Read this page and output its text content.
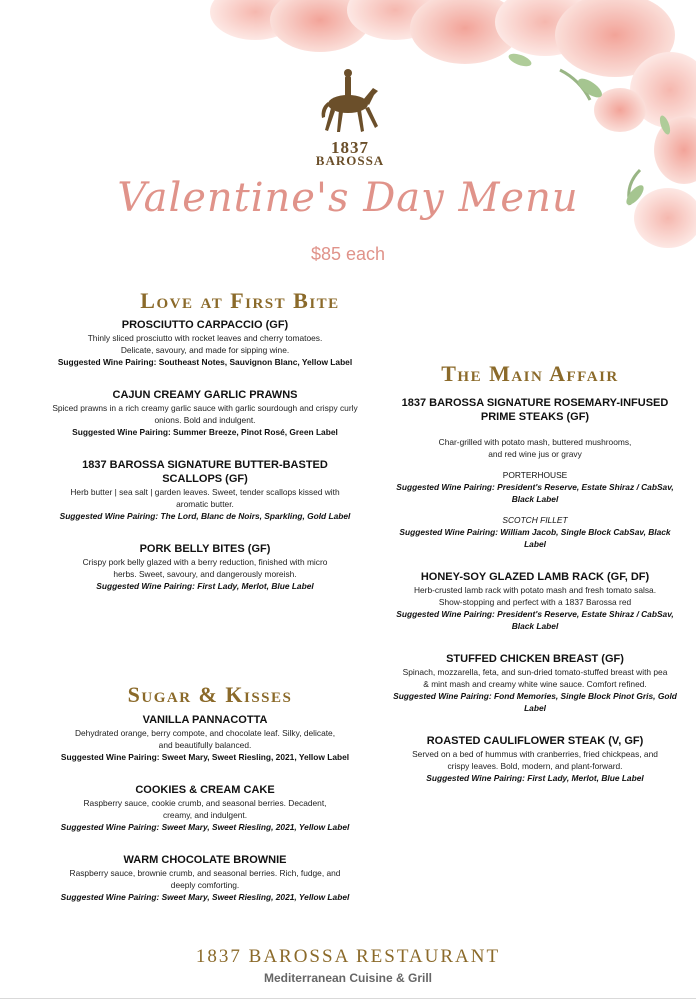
1837
BAROSSA
Valentine's Day Menu
$85 each
Love at First Bite
PROSCIUTTO CARPACCIO (GF)
Thinly sliced prosciutto with rocket leaves and cherry tomatoes.
Delicate, savoury, and made for sipping wine.
Suggested Wine Pairing: Southeast Notes, Sauvignon Blanc, Yellow Label
CAJUN CREAMY GARLIC PRAWNS
Spiced prawns in a rich creamy garlic sauce with garlic sourdough and crispy curly
onions. Bold and indulgent.
Suggested Wine Pairing: Summer Breeze, Pinot Rosé, Green Label
1837 BAROSSA SIGNATURE BUTTER-BASTED
SCALLOPS (GF)
Herb butter | sea salt | garden leaves. Sweet, tender scallops kissed with
aromatic butter.
Suggested Wine Pairing: The Lord, Blanc de Noirs, Sparkling, Gold Label
PORK BELLY BITES (GF)
Crispy pork belly glazed with a berry reduction, finished with micro
herbs. Sweet, savoury, and dangerously moreish.
Suggested Wine Pairing: First Lady, Merlot, Blue Label
Sugar & Kisses
VANILLA PANNACOTTA
Dehydrated orange, berry compote, and chocolate leaf. Silky, delicate,
and beautifully balanced.
Suggested Wine Pairing: Sweet Mary, Sweet Riesling, 2021, Yellow Label
COOKIES & CREAM CAKE
Raspberry sauce, cookie crumb, and seasonal berries. Decadent,
creamy, and indulgent.
Suggested Wine Pairing: Sweet Mary, Sweet Riesling, 2021, Yellow Label
WARM CHOCOLATE BROWNIE
Raspberry sauce, brownie crumb, and seasonal berries. Rich, fudge, and
deeply comforting.
Suggested Wine Pairing: Sweet Mary, Sweet Riesling, 2021, Yellow Label
The Main Affair
1837 BAROSSA SIGNATURE ROSEMARY-INFUSED
PRIME STEAKS (GF)
Char-grilled with potato mash, buttered mushrooms,
and red wine jus or gravy
PORTERHOUSE
Suggested Wine Pairing: President's Reserve, Estate Shiraz / CabSav,
Black Label
SCOTCH FILLET
Suggested Wine Pairing: William Jacob, Single Block CabSav, Black
Label
HONEY-SOY GLAZED LAMB RACK (GF, DF)
Herb-crusted lamb rack with potato mash and fresh tomato salsa.
Show-stopping and perfect with a 1837 Barossa red
Suggested Wine Pairing: President's Reserve, Estate Shiraz / CabSav,
Black Label
STUFFED CHICKEN BREAST (GF)
Spinach, mozzarella, feta, and sun-dried tomato-stuffed breast with pea
& mint mash and creamy white wine sauce. Comfort refined.
Suggested Wine Pairing: Fond Memories, Single Block Pinot Gris, Gold
Label
ROASTED CAULIFLOWER STEAK (V, GF)
Served on a bed of hummus with cranberries, fried chickpeas, and
crispy leaves. Bold, modern, and plant-forward.
Suggested Wine Pairing: First Lady, Merlot, Blue Label
1837 BAROSSA RESTAURANT
Mediterranean Cuisine & Grill
